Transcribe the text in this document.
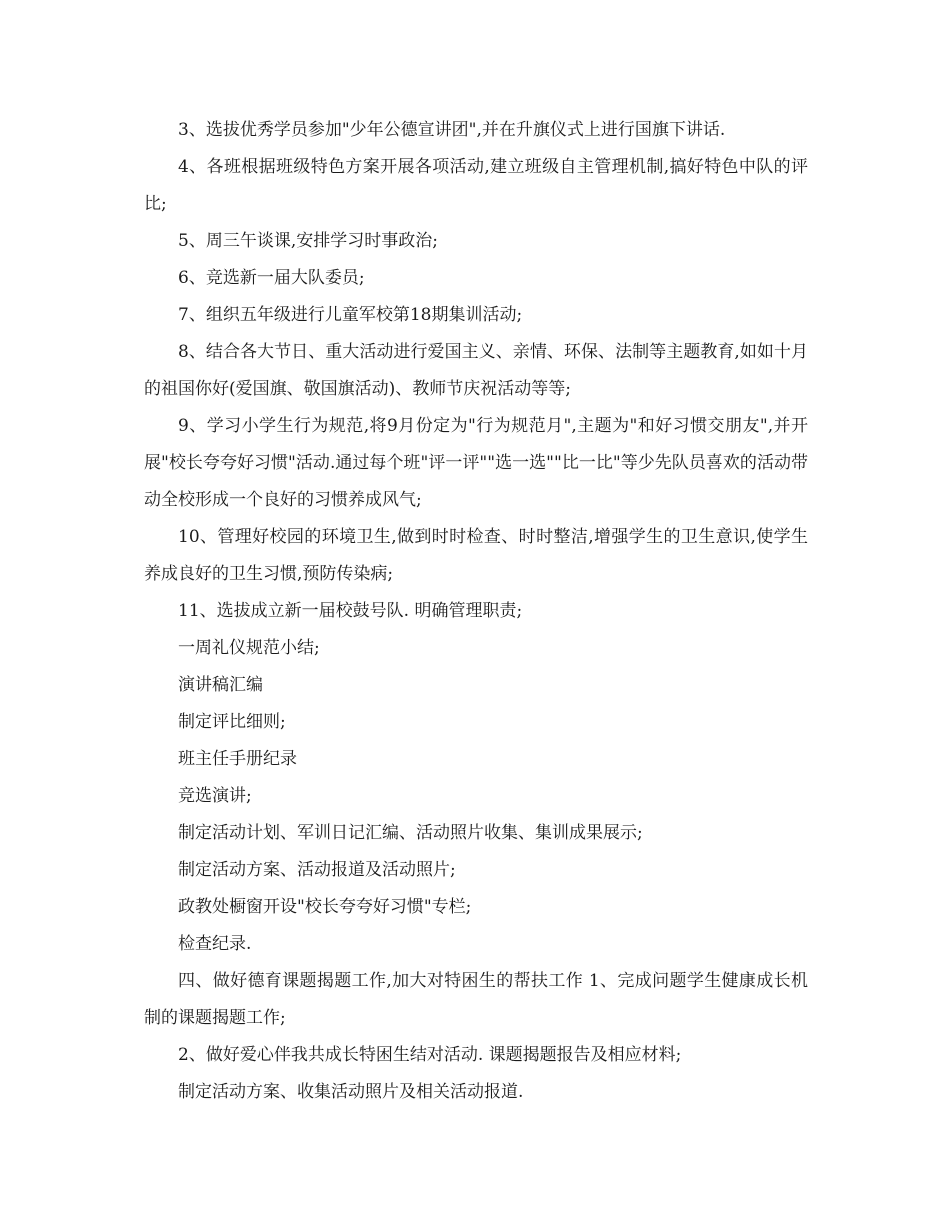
3、选拔优秀学员参加"少年公德宣讲团",并在升旗仪式上进行国旗下讲话.

4、各班根据班级特色方案开展各项活动,建立班级自主管理机制,搞好特色中队的评比;

5、周三午谈课,安排学习时事政治;

6、竞选新一届大队委员;

7、组织五年级进行儿童军校第18期集训活动;

8、结合各大节日、重大活动进行爱国主义、亲情、环保、法制等主题教育,如如十月的祖国你好(爱国旗、敬国旗活动)、教师节庆祝活动等等;

9、学习小学生行为规范,将9月份定为"行为规范月",主题为"和好习惯交朋友",并开展"校长夸夸好习惯"活动.通过每个班"评一评""选一选""比一比"等少先队员喜欢的活动带动全校形成一个良好的习惯养成风气;

10、管理好校园的环境卫生,做到时时检查、时时整洁,增强学生的卫生意识,使学生养成良好的卫生习惯,预防传染病;

11、选拔成立新一届校鼓号队. 明确管理职责;

一周礼仪规范小结;

演讲稿汇编

制定评比细则;

班主任手册纪录

竞选演讲;

制定活动计划、军训日记汇编、活动照片收集、集训成果展示;

制定活动方案、活动报道及活动照片;

政教处橱窗开设"校长夸夸好习惯"专栏;

检查纪录.

四、做好德育课题揭题工作,加大对特困生的帮扶工作 1、完成问题学生健康成长机制的课题揭题工作;

2、做好爱心伴我共成长特困生结对活动. 课题揭题报告及相应材料;

制定活动方案、收集活动照片及相关活动报道.
